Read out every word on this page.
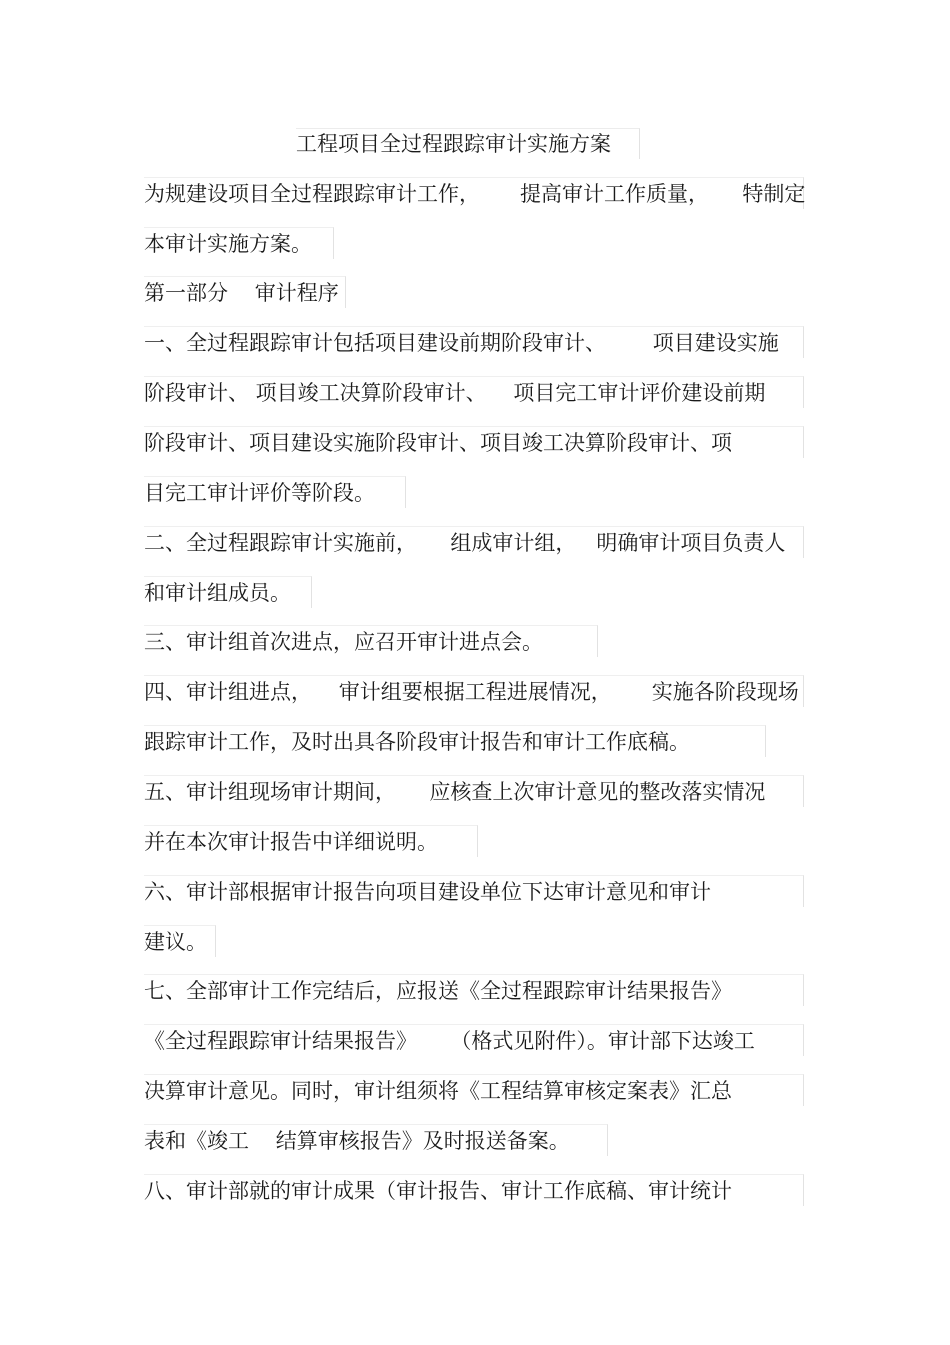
工程项目全过程跟踪审计实施方案
为规建设项目全过程跟踪审计工作，      提高审计工作质量，     特制定
本审计实施方案。
第一部分    审计程序
一、全过程跟踪审计包括项目建设前期阶段审计、       项目建设实施
阶段审计、 项目竣工决算阶段审计、    项目完工审计评价建设前期
阶段审计、项目建设实施阶段审计、项目竣工决算阶段审计、项
目完工审计评价等阶段。
二、全过程跟踪审计实施前，     组成审计组，   明确审计项目负责人
和审计组成员。
三、审计组首次进点，应召开审计进点会。
四、审计组进点，    审计组要根据工程进展情况，      实施各阶段现场
跟踪审计工作，及时出具各阶段审计报告和审计工作底稿。
五、审计组现场审计期间，     应核查上次审计意见的整改落实情况
并在本次审计报告中详细说明。
六、审计部根据审计报告向项目建设单位下达审计意见和审计
建议。
七、全部审计工作完结后，应报送《全过程跟踪审计结果报告》
《全过程跟踪审计结果报告》     （格式见附件）。审计部下达竣工
决算审计意见。同时，审计组须将《工程结算审核定案表》汇总
表和《竣工    结算审核报告》及时报送备案。
八、审计部就的审计成果（审计报告、审计工作底稿、审计统计
